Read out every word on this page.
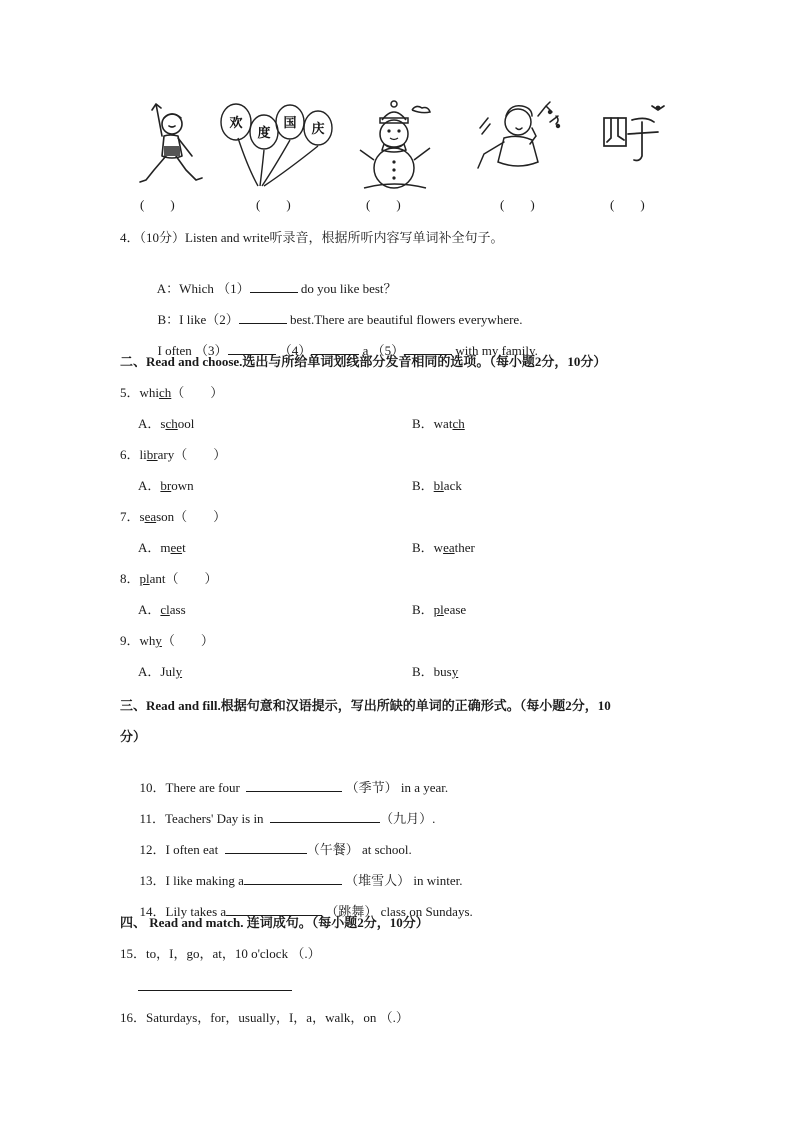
欢
度
国 庆
(　　)	(　　)	(　　)	(　　)	(　　)
4．（10分）Listen and write听录音，根据所听内容写单词补全句子。

A：Which （1）	do you like best？

B：I like（2）	best.There are beautiful flowers everywhere.

I often （3）	（4）	a （5）	with my family.

二、Read and choose.选出与所给单词划线部分发音相同的选项。（每小题2分，10分）
5．which（　　）
A．school	B．watch
6．library（　　）
A．brown	B．black
7．season（　　）
A．meet	B．weather
8．plant（　　）
A．class	B．please
9．why（　　）
A．July	B．busy
三、Read and fill.根据句意和汉语提示，写出所缺的单词的正确形式。（每小题2分，10
分）

10．There are four	（季节） in a year.

11．Teachers' Day is in	（九月）.

12．I often eat	（午餐） at school.

13．I like making a	（堆雪人） in winter.

14．Lily takes a	（跳舞） class on Sundays.

四、 Read and match. 连词成句。（每小题2分，10分）
15．to，I，go，at，10 o'clock （.）
16．Saturdays，for，usually，I，a，walk，on （.）
